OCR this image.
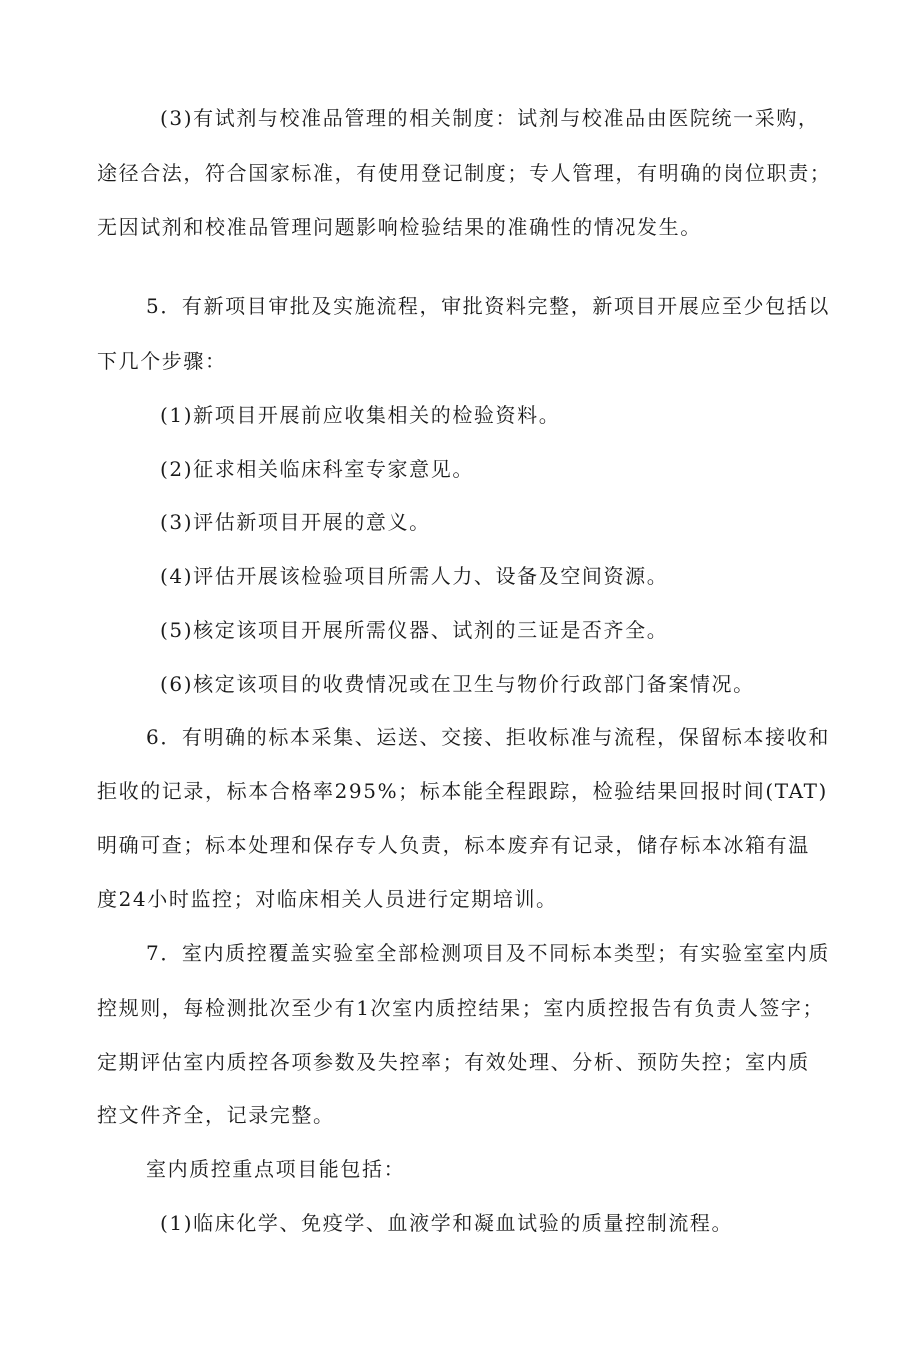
(3)有试剂与校准品管理的相关制度：试剂与校准品由医院统一采购，
途径合法，符合国家标准，有使用登记制度；专人管理，有明确的岗位职责；
无因试剂和校准品管理问题影响检验结果的准确性的情况发生。
5．有新项目审批及实施流程，审批资料完整，新项目开展应至少包括以
下几个步骤：
(1)新项目开展前应收集相关的检验资料。
(2)征求相关临床科室专家意见。
(3)评估新项目开展的意义。
(4)评估开展该检验项目所需人力、设备及空间资源。
(5)核定该项目开展所需仪器、试剂的三证是否齐全。
(6)核定该项目的收费情况或在卫生与物价行政部门备案情况。
6．有明确的标本采集、运送、交接、拒收标准与流程，保留标本接收和
拒收的记录，标本合格率295%；标本能全程跟踪，检验结果回报时间(TAT)
明确可查；标本处理和保存专人负责，标本废弃有记录，储存标本冰箱有温
度24小时监控；对临床相关人员进行定期培训。
7．室内质控覆盖实验室全部检测项目及不同标本类型；有实验室室内质
控规则，每检测批次至少有1次室内质控结果；室内质控报告有负责人签字；
定期评估室内质控各项参数及失控率；有效处理、分析、预防失控；室内质
控文件齐全，记录完整。
室内质控重点项目能包括：
(1)临床化学、免疫学、血液学和凝血试验的质量控制流程。
